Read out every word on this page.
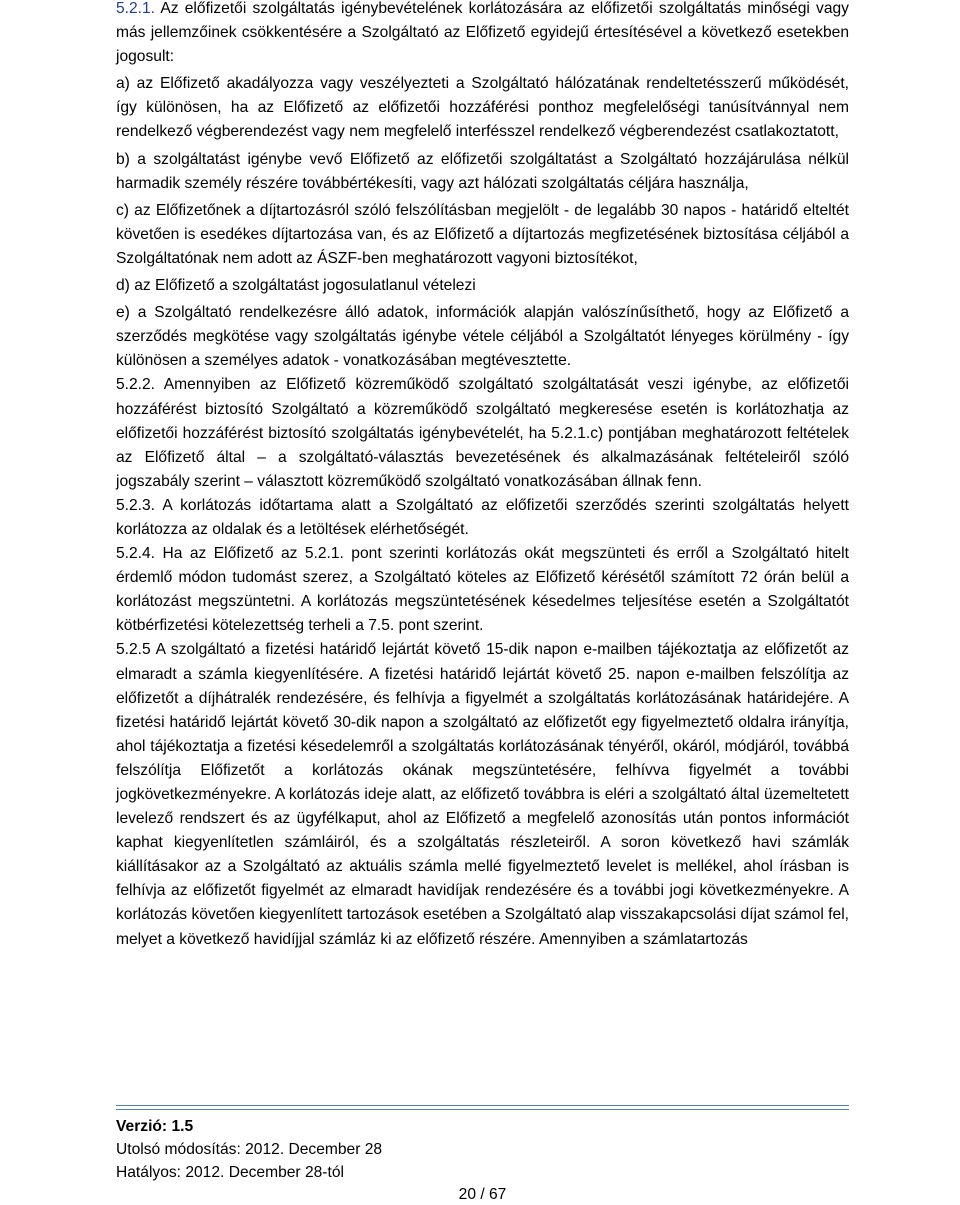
5.2.1. Az előfizetői szolgáltatás igénybevételének korlátozására az előfizetői szolgáltatás minőségi vagy más jellemzőinek csökkentésére a Szolgáltató az Előfizető egyidejű értesítésével a következő esetekben jogosult:

a) az Előfizető akadályozza vagy veszélyezteti a Szolgáltató hálózatának rendeltetésszerű működését, így különösen, ha az Előfizető az előfizetői hozzáférési ponthoz megfelelőségi tanúsítvánnyal nem rendelkező végberendezést vagy nem megfelelő interfésszel rendelkező végberendezést csatlakoztatott,

b) a szolgáltatást igénybe vevő Előfizető az előfizetői szolgáltatást a Szolgáltató hozzájárulása nélkül harmadik személy részére továbbértékesíti, vagy azt hálózati szolgáltatás céljára használja,

c) az Előfizetőnek a díjtartozásról szóló felszólításban megjelölt - de legalább 30 napos - határidő elteltét követően is esedékes díjtartozása van, és az Előfizető a díjtartozás megfizetésének biztosítása céljából a Szolgáltatónak nem adott az ÁSZF-ben meghatározott vagyoni biztosítékot,

d) az Előfizető a szolgáltatást jogosulatlanul vételezi

e) a Szolgáltató rendelkezésre álló adatok, információk alapján valószínűsíthető, hogy az Előfizető a szerződés megkötése vagy szolgáltatás igénybe vétele céljából a Szolgáltatót lényeges körülmény - így különösen a személyes adatok - vonatkozásában megtévesztette.

5.2.2. Amennyiben az Előfizető közreműködő szolgáltató szolgáltatását veszi igénybe, az előfizetői hozzáférést biztosító Szolgáltató a közreműködő szolgáltató megkeresése esetén is korlátozhatja az előfizetői hozzáférést biztosító szolgáltatás igénybevételét, ha 5.2.1.c) pontjában meghatározott feltételek az Előfizető által – a szolgáltató-választás bevezetésének és alkalmazásának feltételeiről szóló jogszabály szerint – választott közreműködő szolgáltató vonatkozásában állnak fenn.

5.2.3. A korlátozás időtartama alatt a Szolgáltató az előfizetői szerződés szerinti szolgáltatás helyett korlátozza az oldalak és a letöltések elérhetőségét.

5.2.4. Ha az Előfizető az 5.2.1. pont szerinti korlátozás okát megszünteti és erről a Szolgáltató hitelt érdemlő módon tudomást szerez, a Szolgáltató köteles az Előfizető kérésétől számított 72 órán belül a korlátozást megszüntetni. A korlátozás megszüntetésének késedelmes teljesítése esetén a Szolgáltatót kötbérfizetési kötelezettség terheli a 7.5. pont szerint.

5.2.5 A szolgáltató a fizetési határidő lejártát követő 15-dik napon e-mailben tájékoztatja az előfizetőt az elmaradt a számla kiegyenlítésére. A fizetési határidő lejártát követő 25. napon e-mailben felszólítja az előfizetőt a díjhátralék rendezésére, és felhívja a figyelmét a szolgáltatás korlátozásának határidejére. A fizetési határidő lejártát követő 30-dik napon a szolgáltató az előfizetőt egy figyelmeztető oldalra irányítja, ahol tájékoztatja a fizetési késedelemről a szolgáltatás korlátozásának tényéről, okáról, módjáról, továbbá felszólítja Előfizetőt a korlátozás okának megszüntetésére, felhívva figyelmét a további jogkövetkezményekre. A korlátozás ideje alatt, az előfizető továbbra is eléri a szolgáltató által üzemeltetett levelező rendszert és az ügyfélkaput, ahol az Előfizető a megfelelő azonosítás után pontos információt kaphat kiegyenlítetlen számláiról, és a szolgáltatás részleteiről. A soron következő havi számlák kiállításakor az a Szolgáltató az aktuális számla mellé figyelmeztető levelet is mellékel, ahol írásban is felhívja az előfizetőt figyelmét az elmaradt havidíjak rendezésére és a további jogi következményekre. A korlátozás követően kiegyenlített tartozások esetében a Szolgáltató alap visszakapcsolási díjat számol fel, melyet a következő havidíjjal számláz ki az előfizető részére. Amennyiben a számlatartozás

Verzió: 1.5
Utolsó módosítás: 2012. December 28
Hatályos: 2012. December 28-tól
20 / 67
